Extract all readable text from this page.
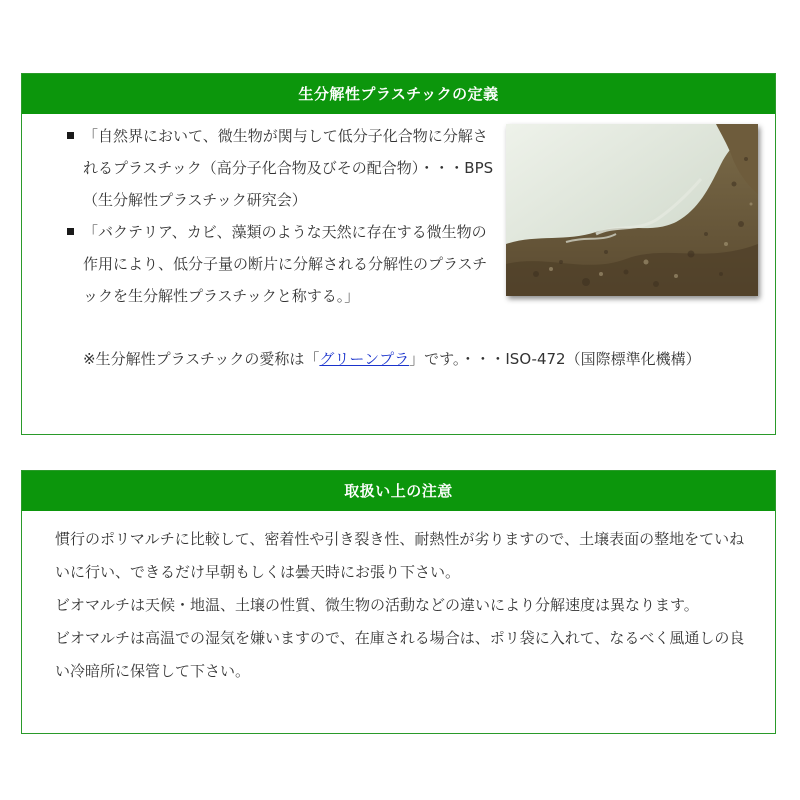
生分解性プラスチックの定義
「自然界において、微生物が関与して低分子化合物に分解されるプラスチック（高分子化合物及びその配合物）・・・BPS（生分解性プラスチック研究会）
「バクテリア、カビ、藻類のような天然に存在する微生物の作用により、低分子量の断片に分解される分解性のプラスチックを生分解性プラスチックと称する。」

※生分解性プラスチックの愛称は「グリーンプラ」です。・・・ISO-472（国際標準化機構）

取扱い上の注意

慣行のポリマルチに比較して、密着性や引き裂き性、耐熱性が劣りますので、土壌表面の整地をていねいに行い、できるだけ早朝もしくは曇天時にお張り下さい。

ビオマルチは天候・地温、土壌の性質、微生物の活動などの違いにより分解速度は異なります。

ビオマルチは高温での湿気を嫌いますので、在庫される場合は、ポリ袋に入れて、なるべく風通しの良い冷暗所に保管して下さい。
